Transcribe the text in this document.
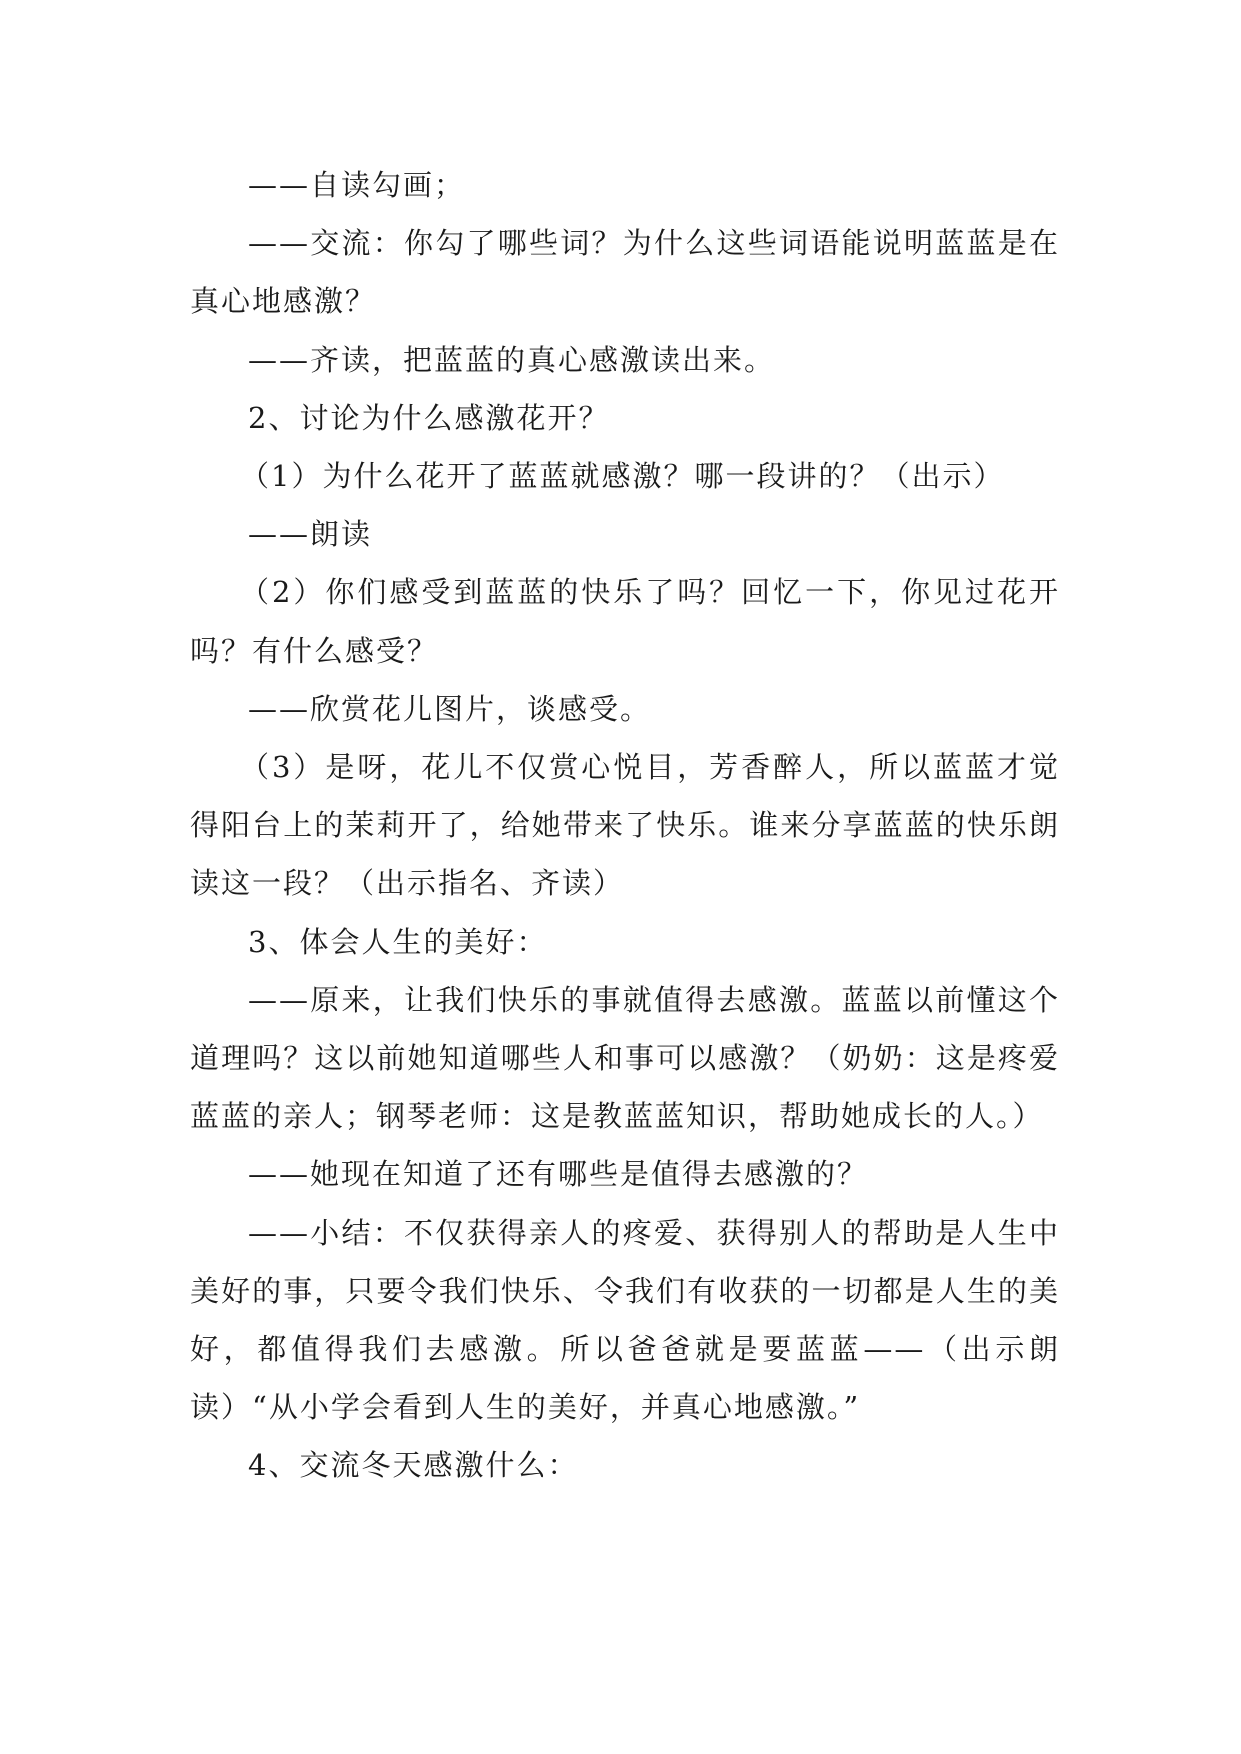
——自读勾画；

——交流：你勾了哪些词？为什么这些词语能说明蓝蓝是在真心地感激？

——齐读，把蓝蓝的真心感激读出来。

2、讨论为什么感激花开？

（1）为什么花开了蓝蓝就感激？哪一段讲的？（出示）

——朗读

（2）你们感受到蓝蓝的快乐了吗？回忆一下，你见过花开吗？有什么感受？

——欣赏花儿图片，谈感受。

（3）是呀，花儿不仅赏心悦目，芳香醉人，所以蓝蓝才觉得阳台上的茉莉开了，给她带来了快乐。谁来分享蓝蓝的快乐朗读这一段？（出示指名、齐读）

3、体会人生的美好：

——原来，让我们快乐的事就值得去感激。蓝蓝以前懂这个道理吗？这以前她知道哪些人和事可以感激？（奶奶：这是疼爱蓝蓝的亲人；钢琴老师：这是教蓝蓝知识，帮助她成长的人。）

——她现在知道了还有哪些是值得去感激的？

——小结：不仅获得亲人的疼爱、获得别人的帮助是人生中美好的事，只要令我们快乐、令我们有收获的一切都是人生的美好，都值得我们去感激。所以爸爸就是要蓝蓝——（出示朗读）“从小学会看到人生的美好，并真心地感激。”

4、交流冬天感激什么：
